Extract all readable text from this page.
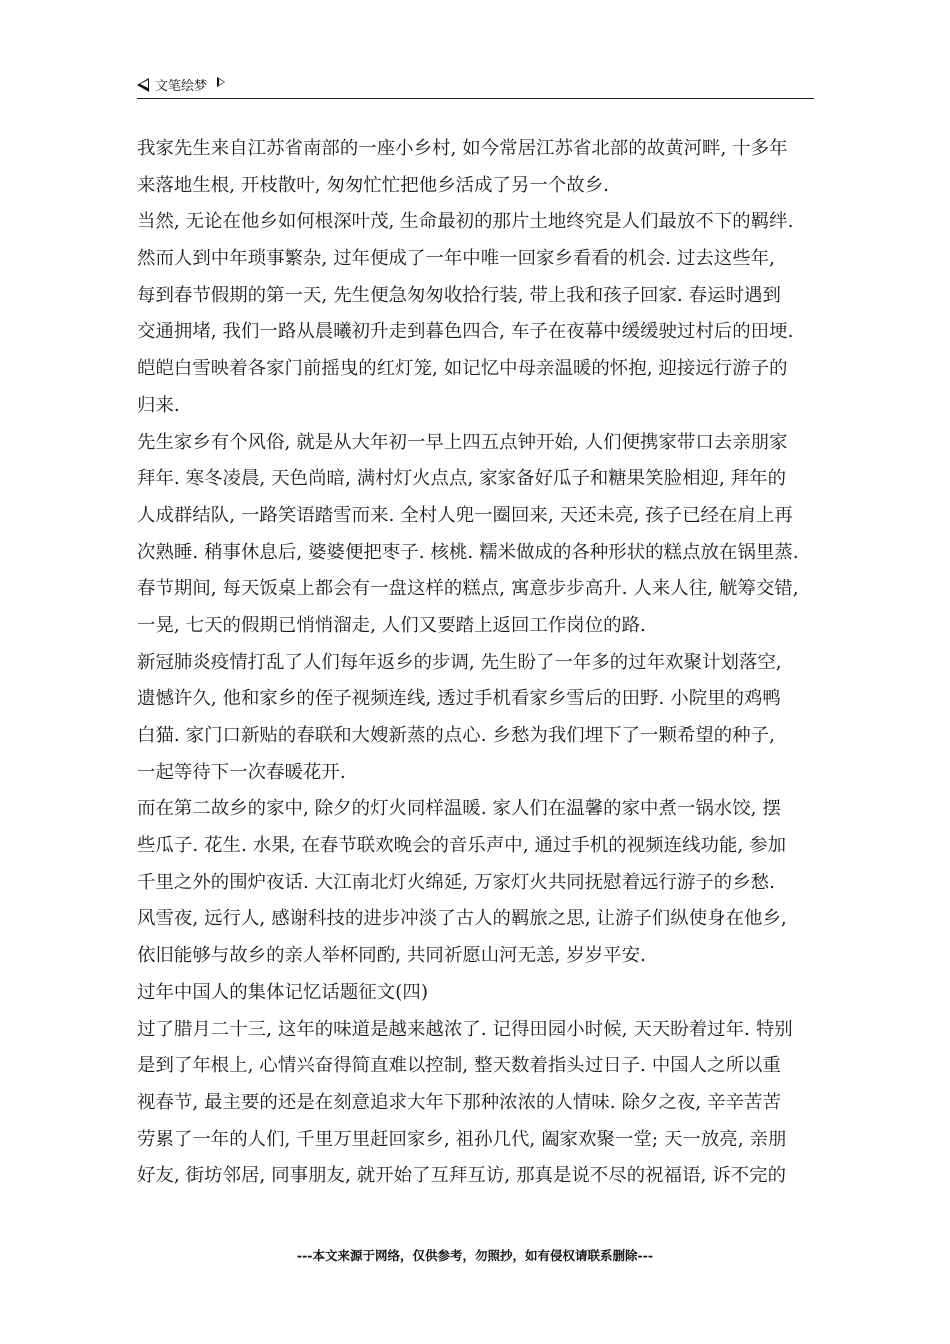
文笔绘梦
我家先生来自江苏省南部的一座小乡村, 如今常居江苏省北部的故黄河畔, 十多年
来落地生根, 开枝散叶, 匆匆忙忙把他乡活成了另一个故乡.
当然, 无论在他乡如何根深叶茂, 生命最初的那片土地终究是人们最放不下的羁绊.
然而人到中年琐事繁杂, 过年便成了一年中唯一回家乡看看的机会. 过去这些年,
每到春节假期的第一天, 先生便急匆匆收拾行装, 带上我和孩子回家. 春运时遇到
交通拥堵, 我们一路从晨曦初升走到暮色四合, 车子在夜幕中缓缓驶过村后的田埂.
皑皑白雪映着各家门前摇曳的红灯笼, 如记忆中母亲温暖的怀抱, 迎接远行游子的
归来.
先生家乡有个风俗, 就是从大年初一早上四五点钟开始, 人们便携家带口去亲朋家
拜年. 寒冬凌晨, 天色尚暗, 满村灯火点点, 家家备好瓜子和糖果笑脸相迎, 拜年的
人成群结队, 一路笑语踏雪而来. 全村人兜一圈回来, 天还未亮, 孩子已经在肩上再
次熟睡. 稍事休息后, 婆婆便把枣子. 核桃. 糯米做成的各种形状的糕点放在锅里蒸.
春节期间, 每天饭桌上都会有一盘这样的糕点, 寓意步步高升. 人来人往, 觥筹交错,
一晃, 七天的假期已悄悄溜走, 人们又要踏上返回工作岗位的路.
新冠肺炎疫情打乱了人们每年返乡的步调, 先生盼了一年多的过年欢聚计划落空,
遗憾许久, 他和家乡的侄子视频连线, 透过手机看家乡雪后的田野. 小院里的鸡鸭
白猫. 家门口新贴的春联和大嫂新蒸的点心. 乡愁为我们埋下了一颗希望的种子,
一起等待下一次春暖花开.
而在第二故乡的家中, 除夕的灯火同样温暖. 家人们在温馨的家中煮一锅水饺, 摆
些瓜子. 花生. 水果, 在春节联欢晚会的音乐声中, 通过手机的视频连线功能, 参加
千里之外的围炉夜话. 大江南北灯火绵延, 万家灯火共同抚慰着远行游子的乡愁.
风雪夜, 远行人, 感谢科技的进步冲淡了古人的羁旅之思, 让游子们纵使身在他乡,
依旧能够与故乡的亲人举杯同酌, 共同祈愿山河无恙, 岁岁平安.
过年中国人的集体记忆话题征文(四)
过了腊月二十三, 这年的味道是越来越浓了. 记得田园小时候, 天天盼着过年. 特别
是到了年根上, 心情兴奋得简直难以控制, 整天数着指头过日子. 中国人之所以重
视春节, 最主要的还是在刻意追求大年下那种浓浓的人情味. 除夕之夜, 辛辛苦苦
劳累了一年的人们, 千里万里赶回家乡, 祖孙几代, 阖家欢聚一堂; 天一放亮, 亲朋
好友, 街坊邻居, 同事朋友, 就开始了互拜互访, 那真是说不尽的祝福语, 诉不完的
---本文来源于网络，仅供参考，勿照抄，如有侵权请联系删除---
